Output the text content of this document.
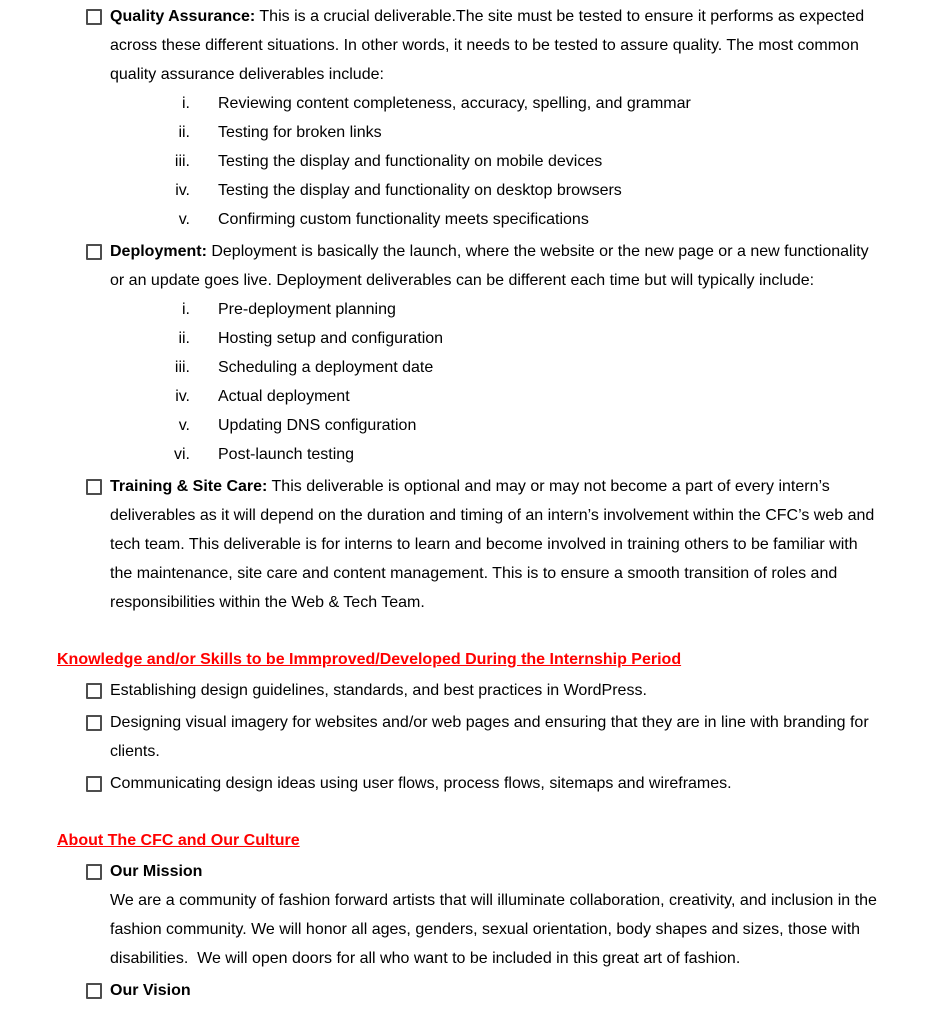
Quality Assurance: This is a crucial deliverable.The site must be tested to ensure it performs as expected across these different situations. In other words, it needs to be tested to assure quality. The most common quality assurance deliverables include:

i. Reviewing content completeness, accuracy, spelling, and grammar
ii. Testing for broken links
iii. Testing the display and functionality on mobile devices
iv. Testing the display and functionality on desktop browsers
v. Confirming custom functionality meets specifications

Deployment: Deployment is basically the launch, where the website or the new page or a new functionality or an update goes live. Deployment deliverables can be different each time but will typically include:

i. Pre-deployment planning
ii. Hosting setup and configuration
iii. Scheduling a deployment date
iv. Actual deployment
v. Updating DNS configuration
vi. Post-launch testing

Training & Site Care: This deliverable is optional and may or may not become a part of every intern’s deliverables as it will depend on the duration and timing of an intern’s involvement within the CFC’s web and tech team. This deliverable is for interns to learn and become involved in training others to be familiar with the maintenance, site care and content management. This is to ensure a smooth transition of roles and responsibilities within the Web & Tech Team.

Knowledge and/or Skills to be Immproved/Developed During the Internship Period

Establishing design guidelines, standards, and best practices in WordPress.

Designing visual imagery for websites and/or web pages and ensuring that they are in line with branding for clients.

Communicating design ideas using user flows, process flows, sitemaps and wireframes.

About The CFC and Our Culture

Our Mission

We are a community of fashion forward artists that will illuminate collaboration, creativity, and inclusion in the fashion community. We will honor all ages, genders, sexual orientation, body shapes and sizes, those with disabilities.  We will open doors for all who want to be included in this great art of fashion.

Our Vision
